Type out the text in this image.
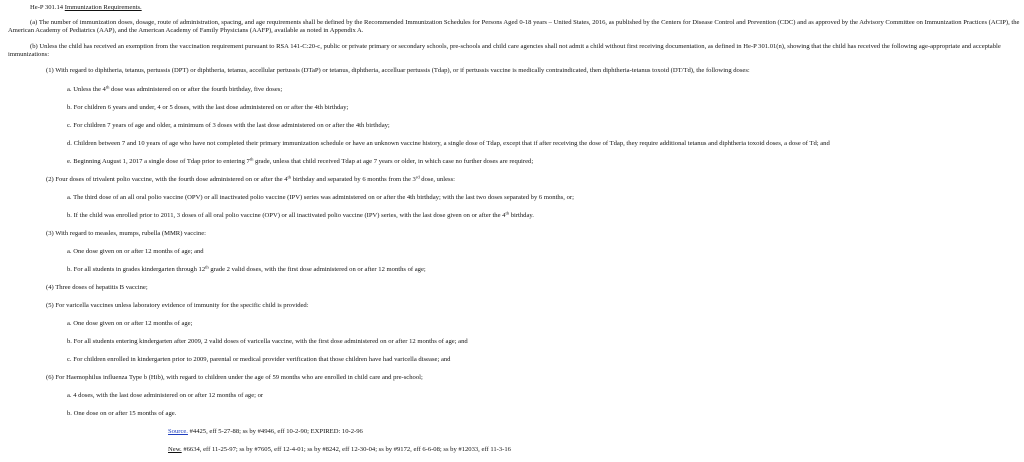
He-P 301.14 Immunization Requirements.
(a) The number of immunization doses, dosage, route of administration, spacing, and age requirements shall be defined by the Recommended Immunization Schedules for Persons Aged 0-18 years – United States, 2016, as published by the Centers for Disease Control and Prevention (CDC) and as approved by the Advisory Committee on Immunization Practices (ACIP), the American Academy of Pediatrics (AAP), and the American Academy of Family Physicians (AAFP), available as noted in Appendix A.
(b) Unless the child has received an exemption from the vaccination requirement pursuant to RSA 141-C:20-c, public or private primary or secondary schools, pre-schools and child care agencies shall not admit a child without first receiving documentation, as defined in He-P 301.01(n), showing that the child has received the following age-appropriate and acceptable immunizations:
(1) With regard to diphtheria, tetanus, pertussis (DPT) or diphtheria, tetanus, accellular pertussis (DTaP) or tetanus, diphtheria, accelluar pertussis (Tdap), or if pertussis vaccine is medically contraindicated, then diphtheria-tetanus toxoid (DT/Td), the following doses:
a. Unless the 4th dose was administered on or after the fourth birthday, five doses;
b. For children 6 years and under, 4 or 5 doses, with the last dose administered on or after the 4th birthday;
c. For children 7 years of age and older, a minimum of 3 doses with the last dose administered on or after the 4th birthday;
d. Children between 7 and 10 years of age who have not completed their primary immunization schedule or have an unknown vaccine history, a single dose of Tdap, except that if after receiving the dose of Tdap, they require additional tetanus and diphtheria toxoid doses, a dose of Td; and
e. Beginning August 1, 2017 a single dose of Tdap prior to entering 7th grade, unless that child received Tdap at age 7 years or older, in which case no further doses are required;
(2) Four doses of trivalent polio vaccine, with the fourth dose administered on or after the 4th birthday and separated by 6 months from the 3rd dose, unless:
a. The third dose of an all oral polio vaccine (OPV) or all inactivated polio vaccine (IPV) series was administered on or after the 4th birthday; with the last two doses separated by 6 months, or;
b. If the child was enrolled prior to 2011, 3 doses of all oral polio vaccine (OPV) or all inactivated polio vaccine (IPV) series, with the last dose given on or after the 4th birthday.
(3) With regard to measles, mumps, rubella (MMR) vaccine:
a. One dose given on or after 12 months of age; and
b. For all students in grades kindergarten through 12th grade 2 valid doses, with the first dose administered on or after 12 months of age;
(4) Three doses of hepatitis B vaccine;
(5) For varicella vaccines unless laboratory evidence of immunity for the specific child is provided:
a. One dose given on or after 12 months of age;
b. For all students entering kindergarten after 2009, 2 valid doses of varicella vaccine, with the first dose administered on or after 12 months of age; and
c. For children enrolled in kindergarten prior to 2009, parental or medical provider verification that those children have had varicella disease; and
(6) For Haemophilus influenza Type b (Hib), with regard to children under the age of 59 months who are enrolled in child care and pre-school;
a. 4 doses, with the last dose administered on or after 12 months of age; or
b. One dose on or after 15 months of age.
Source. #4425, eff 5-27-88; ss by #4946, eff 10-2-90; EXPIRED: 10-2-96
New. #6634, eff 11-25-97; ss by #7605, eff 12-4-01; ss by #8242, eff 12-30-04; ss by #9172, eff 6-6-08; ss by #12033, eff 11-3-16
